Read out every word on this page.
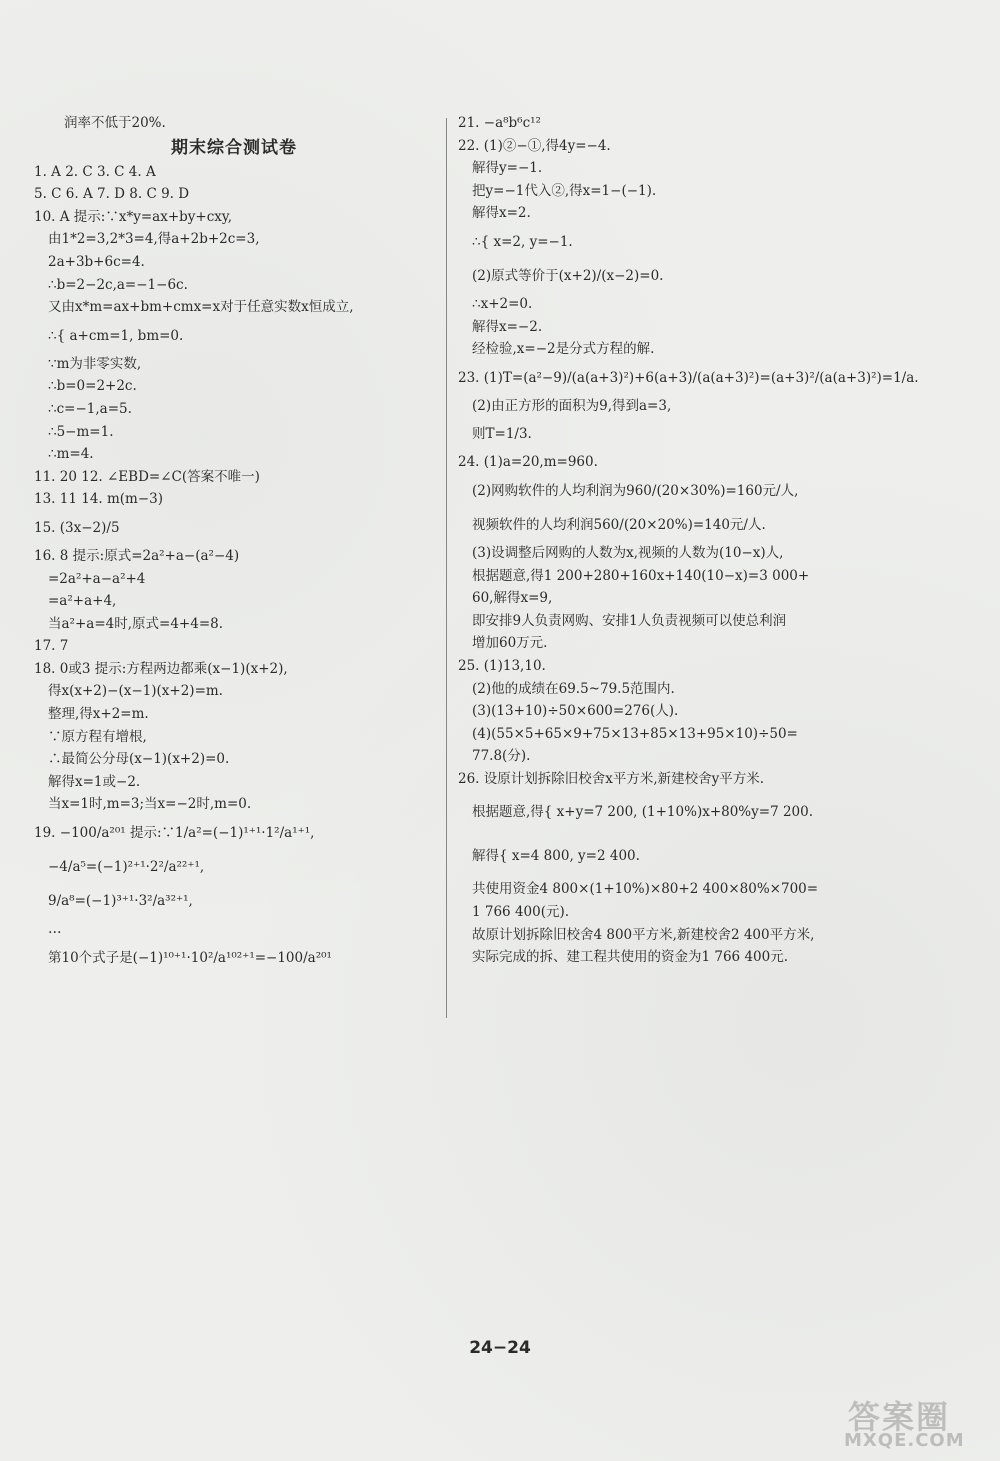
润率不低于20%.
期末综合测试卷
1. A 2. C 3. C 4. A
5. C 6. A 7. D 8. C 9. D
10. A 提示:∵x*y=ax+by+cxy,
由1*2=3,2*3=4,得a+2b+2c=3,
2a+3b+6c=4.
∴b=2−2c,a=−1−6c.
又由x*m=ax+bm+cmx=x对于任意实数x恒成立,
∴{ a+cm=1, bm=0.
∵m为非零实数,
∴b=0=2+2c.
∴c=−1,a=5.
∴5−m=1.
∴m=4.
11. 20 12. ∠EBD=∠C(答案不唯一)
13. 11 14. m(m−3)
15. (3x−2)/5
16. 8 提示:原式=2a²+a−(a²−4)
=2a²+a−a²+4
=a²+a+4,
当a²+a=4时,原式=4+4=8.
17. 7
18. 0或3 提示:方程两边都乘(x−1)(x+2),
得x(x+2)−(x−1)(x+2)=m.
整理,得x+2=m.
∵原方程有增根,
∴最简公分母(x−1)(x+2)=0.
解得x=1或−2.
当x=1时,m=3;当x=−2时,m=0.
19. −100/a²⁰¹ 提示:∵1/a²=(−1)¹⁺¹·1²/a¹⁺¹,
−4/a⁵=(−1)²⁺¹·2²/a²²⁺¹,
9/a⁸=(−1)³⁺¹·3²/a³²⁺¹,
…
第10个式子是(−1)¹⁰⁺¹·10²/a¹⁰²⁺¹=−100/a²⁰¹
21. −a⁸b⁶c¹²
22. (1)②−①,得4y=−4.
解得y=−1.
把y=−1代入②,得x=1−(−1).
解得x=2.
∴{ x=2, y=−1.
(2)原式等价于(x+2)/(x−2)=0.
∴x+2=0.
解得x=−2.
经检验,x=−2是分式方程的解.
23. (1)T=(a²−9)/(a(a+3)²)+6(a+3)/(a(a+3)²)=(a+3)²/(a(a+3)²)=1/a.
(2)由正方形的面积为9,得到a=3,
则T=1/3.
24. (1)a=20,m=960.
(2)网购软件的人均利润为960/(20×30%)=160元/人,
视频软件的人均利润560/(20×20%)=140元/人.
(3)设调整后网购的人数为x,视频的人数为(10−x)人,
根据题意,得1 200+280+160x+140(10−x)=3 000+
60,解得x=9,
即安排9人负责网购、安排1人负责视频可以使总利润
增加60万元.
25. (1)13,10.
(2)他的成绩在69.5~79.5范围内.
(3)(13+10)÷50×600=276(人).
(4)(55×5+65×9+75×13+85×13+95×10)÷50=
77.8(分).
26. 设原计划拆除旧校舍x平方米,新建校舍y平方米.
根据题意,得{ x+y=7 200, (1+10%)x+80%y=7 200.
解得{ x=4 800, y=2 400.
共使用资金4 800×(1+10%)×80+2 400×80%×700=
1 766 400(元).
故原计划拆除旧校舍4 800平方米,新建校舍2 400平方米,
实际完成的拆、建工程共使用的资金为1 766 400元.
24−24
答案圈
MXQE.COM
